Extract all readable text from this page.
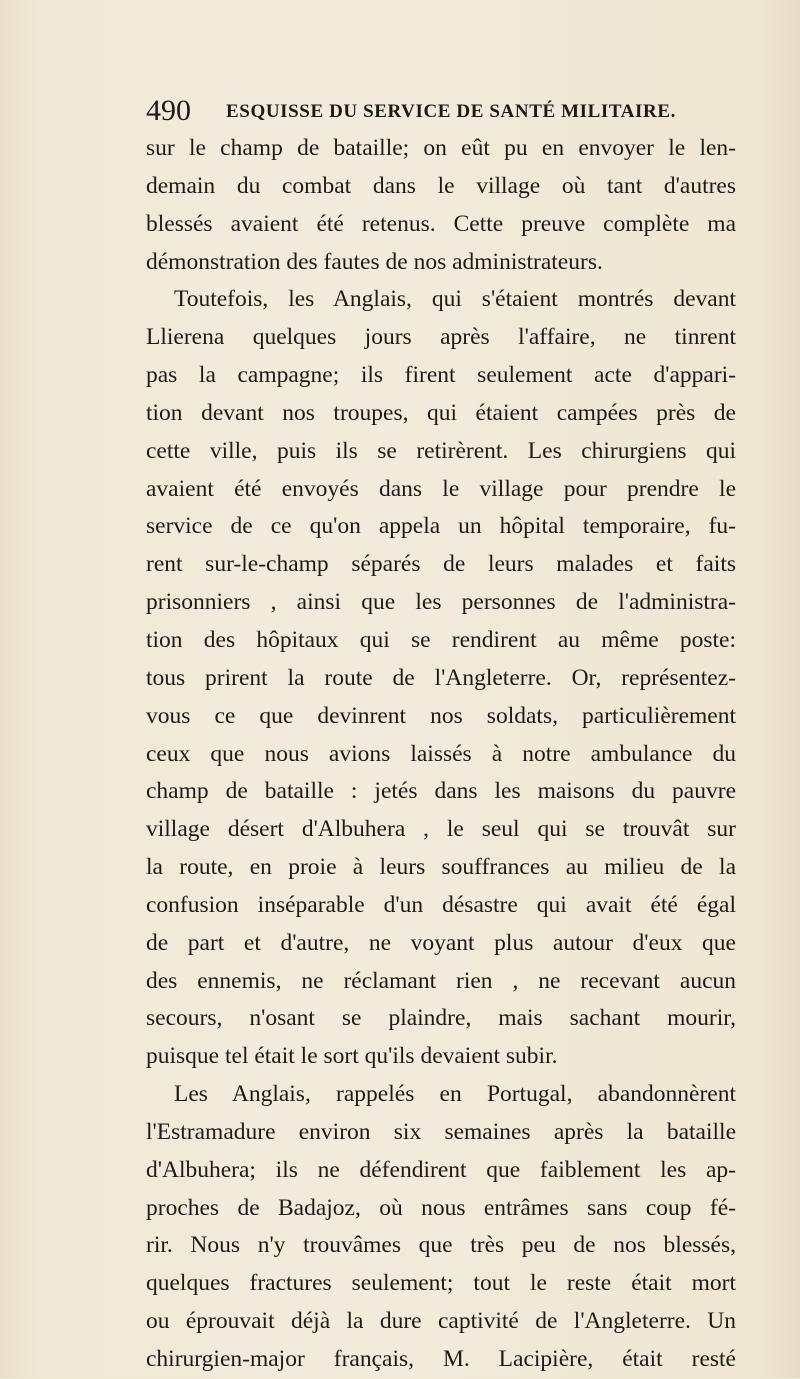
490 ESQUISSE DU SERVICE DE SANTÉ MILITAIRE.
sur le champ de bataille; on eût pu en envoyer le len-
demain du combat dans le village où tant d'autres
blessés avaient été retenus. Cette preuve complète ma
démonstration des fautes de nos administrateurs.
Toutefois, les Anglais, qui s'étaient montrés devant
Llierena quelques jours après l'affaire, ne tinrent
pas la campagne; ils firent seulement acte d'appari-
tion devant nos troupes, qui étaient campées près de
cette ville, puis ils se retirèrent. Les chirurgiens qui
avaient été envoyés dans le village pour prendre le
service de ce qu'on appela un hôpital temporaire, fu-
rent sur-le-champ séparés de leurs malades et faits
prisonniers , ainsi que les personnes de l'administra-
tion des hôpitaux qui se rendirent au même poste:
tous prirent la route de l'Angleterre. Or, représentez-
vous ce que devinrent nos soldats, particulièrement
ceux que nous avions laissés à notre ambulance du
champ de bataille : jetés dans les maisons du pauvre
village désert d'Albuhera , le seul qui se trouvât sur
la route, en proie à leurs souffrances au milieu de la
confusion inséparable d'un désastre qui avait été égal
de part et d'autre, ne voyant plus autour d'eux que
des ennemis, ne réclamant rien , ne recevant aucun
secours, n'osant se plaindre, mais sachant mourir,
puisque tel était le sort qu'ils devaient subir.
Les Anglais, rappelés en Portugal, abandonnèrent
l'Estramadure environ six semaines après la bataille
d'Albuhera; ils ne défendirent que faiblement les ap-
proches de Badajoz, où nous entrâmes sans coup fé-
rir. Nous n'y trouvâmes que très peu de nos blessés,
quelques fractures seulement; tout le reste était mort
ou éprouvait déjà la dure captivité de l'Angleterre. Un
chirurgien-major français, M. Lacipière, était resté
